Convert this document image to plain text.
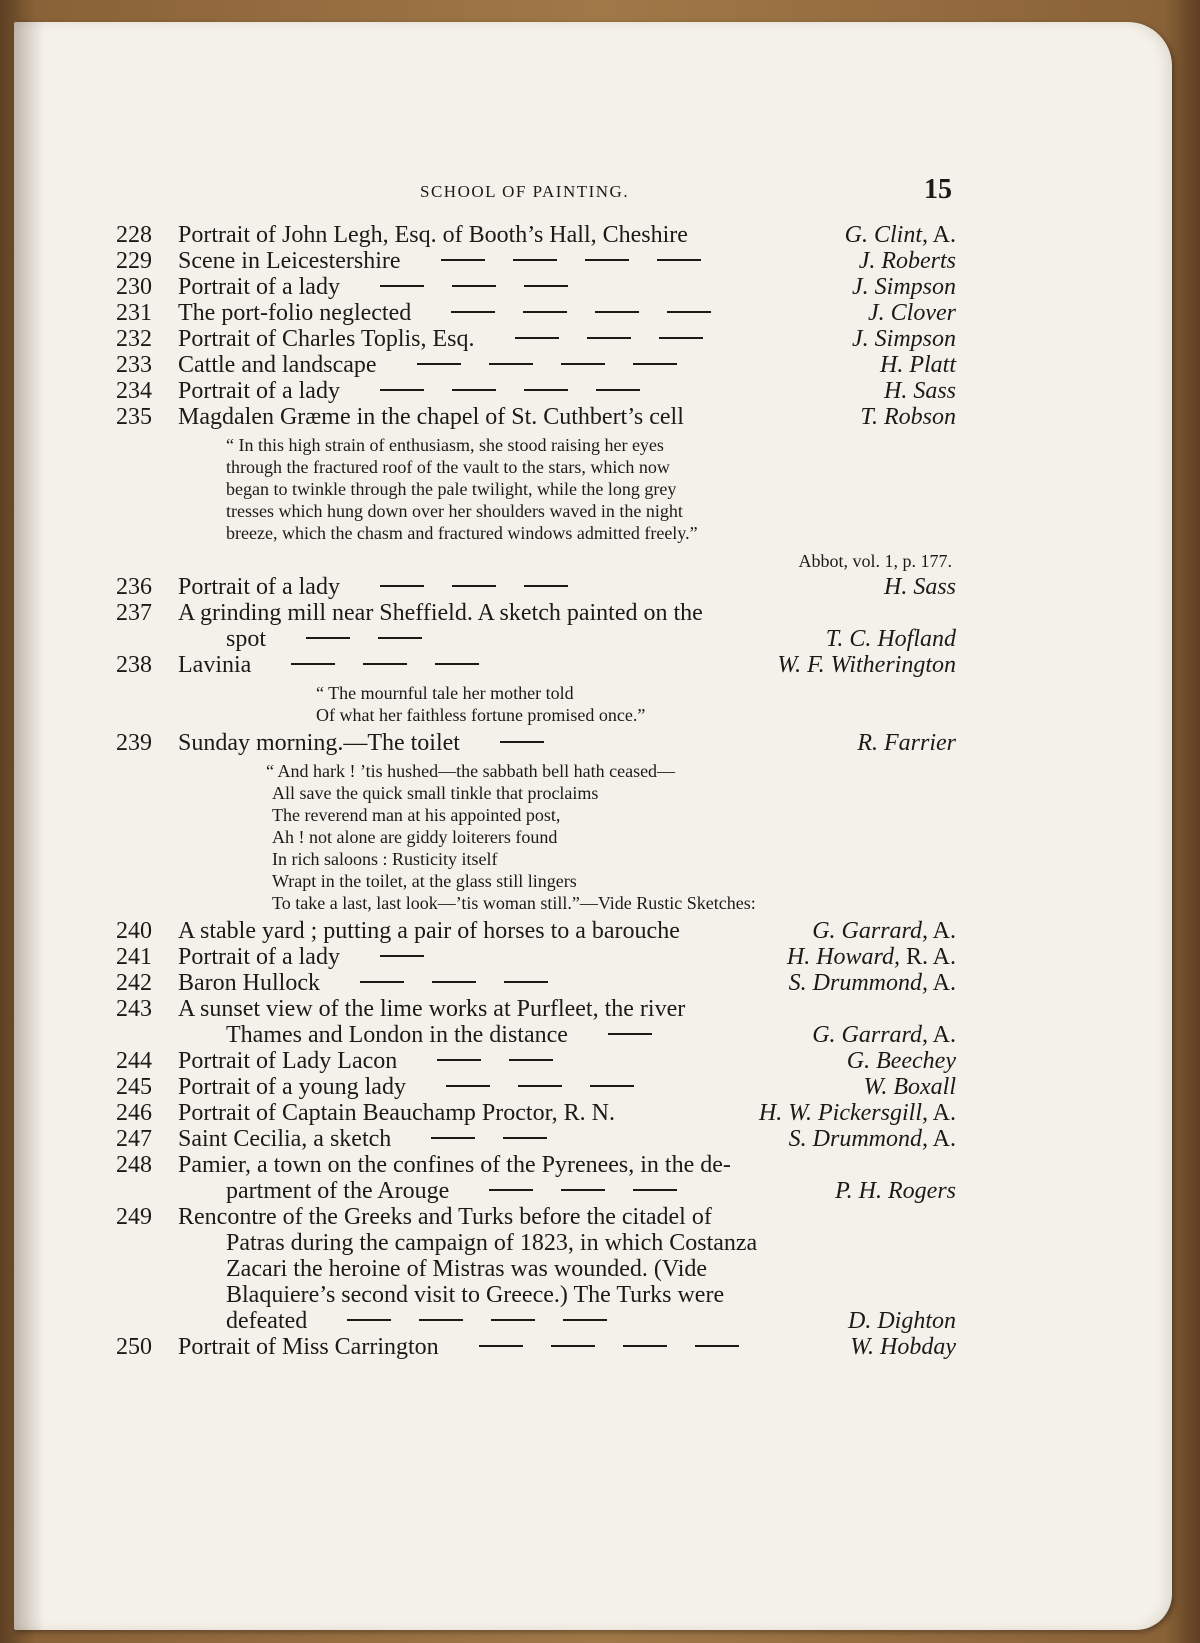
SCHOOL OF PAINTING.	15
228 Portrait of John Legh, Esq. of Booth’s Hall, Cheshire	G. Clint, A.
229 Scene in Leicestershire	J. Roberts
230 Portrait of a lady	J. Simpson
231 The port-folio neglected	J. Clover
232 Portrait of Charles Toplis, Esq.	J. Simpson
233 Cattle and landscape	H. Platt
234 Portrait of a lady	H. Sass
235 Magdalen Græme in the chapel of St. Cuthbert’s cell	T. Robson
“ In this high strain of enthusiasm, she stood raising her eyes
through the fractured roof of the vault to the stars, which now
began to twinkle through the pale twilight, while the long grey
tresses which hung down over her shoulders waved in the night
breeze, which the chasm and fractured windows admitted freely.”
Abbot, vol. 1, p. 177.
236 Portrait of a lady	H. Sass
237 A grinding mill near Sheffield. A sketch painted on the
spot	T. C. Hofland
238 Lavinia	W. F. Witherington
“ The mournful tale her mother told
Of what her faithless fortune promised once.”
239 Sunday morning.—The toilet	R. Farrier
“ And hark ! ’tis hushed—the sabbath bell hath ceased—
All save the quick small tinkle that proclaims
The reverend man at his appointed post,
Ah ! not alone are giddy loiterers found
In rich saloons : Rusticity itself
Wrapt in the toilet, at the glass still lingers
To take a last, last look—’tis woman still.”—Vide Rustic Sketches:
240 A stable yard ; putting a pair of horses to a barouche	G. Garrard, A.
241 Portrait of a lady	H. Howard, R. A.
242 Baron Hullock	S. Drummond, A.
243 A sunset view of the lime works at Purfleet, the river
Thames and London in the distance	G. Garrard, A.
244 Portrait of Lady Lacon	G. Beechey
245 Portrait of a young lady	W. Boxall
246 Portrait of Captain Beauchamp Proctor, R. N.	H. W. Pickersgill, A.
247 Saint Cecilia, a sketch	S. Drummond, A.
248 Pamier, a town on the confines of the Pyrenees, in the de-
partment of the Arouge	P. H. Rogers
249 Rencontre of the Greeks and Turks before the citadel of
Patras during the campaign of 1823, in which Costanza
Zacari the heroine of Mistras was wounded. (Vide
Blaquiere’s second visit to Greece.) The Turks were
defeated	D. Dighton
250 Portrait of Miss Carrington	W. Hobday
